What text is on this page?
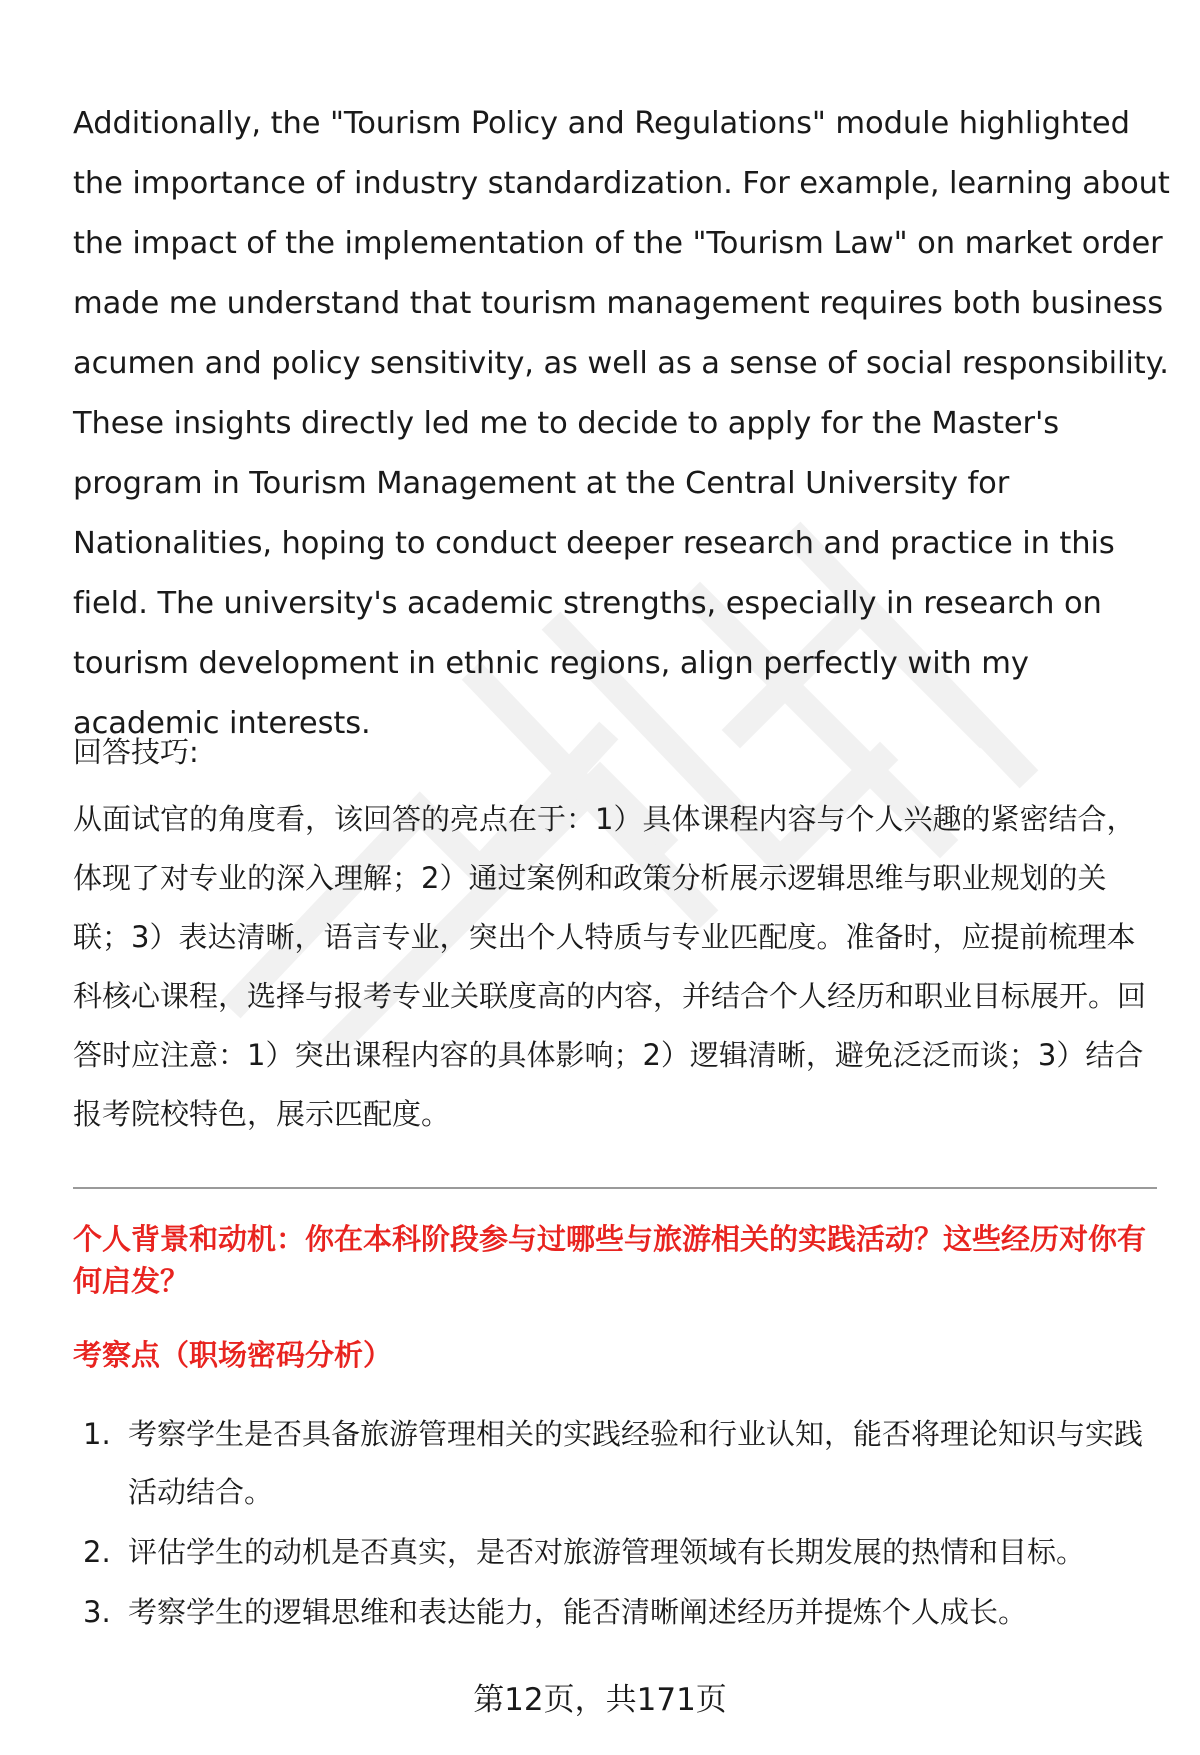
Additionally, the "Tourism Policy and Regulations" module highlighted the importance of industry standardization. For example, learning about the impact of the implementation of the "Tourism Law" on market order made me understand that tourism management requires both business acumen and policy sensitivity, as well as a sense of social responsibility. These insights directly led me to decide to apply for the Master's program in Tourism Management at the Central University for Nationalities, hoping to conduct deeper research and practice in this field. The university's academic strengths, especially in research on tourism development in ethnic regions, align perfectly with my academic interests.

回答技巧:

从面试官的角度看，该回答的亮点在于：1）具体课程内容与个人兴趣的紧密结合，体现了对专业的深入理解；2）通过案例和政策分析展示逻辑思维与职业规划的关联；3）表达清晰，语言专业，突出个人特质与专业匹配度。准备时，应提前梳理本科核心课程，选择与报考专业关联度高的内容，并结合个人经历和职业目标展开。回答时应注意：1）突出课程内容的具体影响；2）逻辑清晰，避免泛泛而谈；3）结合报考院校特色，展示匹配度。

个人背景和动机：你在本科阶段参与过哪些与旅游相关的实践活动？这些经历对你有何启发？

考察点（职场密码分析）

1. 考察学生是否具备旅游管理相关的实践经验和行业认知，能否将理论知识与实践活动结合。
2. 评估学生的动机是否真实，是否对旅游管理领域有长期发展的热情和目标。
3. 考察学生的逻辑思维和表达能力，能否清晰阐述经历并提炼个人成长。

第12页，共171页
